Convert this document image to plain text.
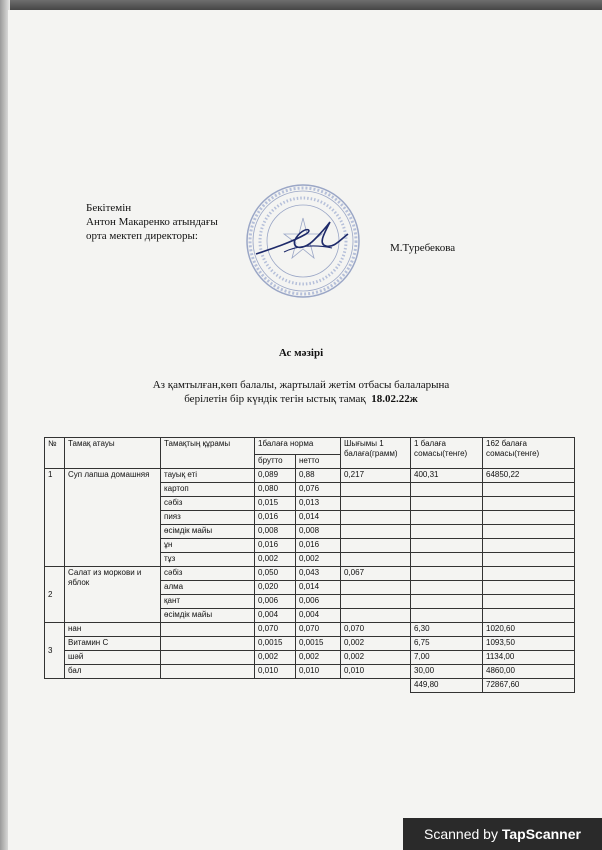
Бекітемін
Антон Макаренко атындағы
орта мектеп директоры:
М.Туребекова
Ас мәзірі
Аз қамтылған,көп балалы, жартылай жетім отбасы балаларына
берілетін бір күндік тегін ыстық тамақ 18.02.22ж
№	Тамақ атауы	Тамақтың құрамы	1балаға норма		Шығымы 1 балаға(грамм)	1 балаға сомасы(тенге)	162 балаға сомасы(тенге)
			брутто	нетто			
1	Суп лапша домашняя	тауық еті	0,089	0,88	0,217	400,31	64850,22
		картоп	0,080	0,076			
		сәбіз	0,015	0,013			
		пияз	0,016	0,014			
		өсімдік майы	0,008	0,008			
		ұн	0,016	0,016			
		тұз	0,002	0,002			
2	Салат из моркови и яблок	сәбіз	0,050	0,043	0,067		
		алма	0,020	0,014			
		қант	0,006	0,006			
		өсімдік майы	0,004	0,004			
3	нан		0,070	0,070	0,070	6,30	1020,60
	Витамин С		0,0015	0,0015	0,002	6,75	1093,50
	шәй		0,002	0,002	0,002	7,00	1134,00
	бал		0,010	0,010	0,010	30,00	4860,00
						449,80	72867,60
Scanned by TapScanner
